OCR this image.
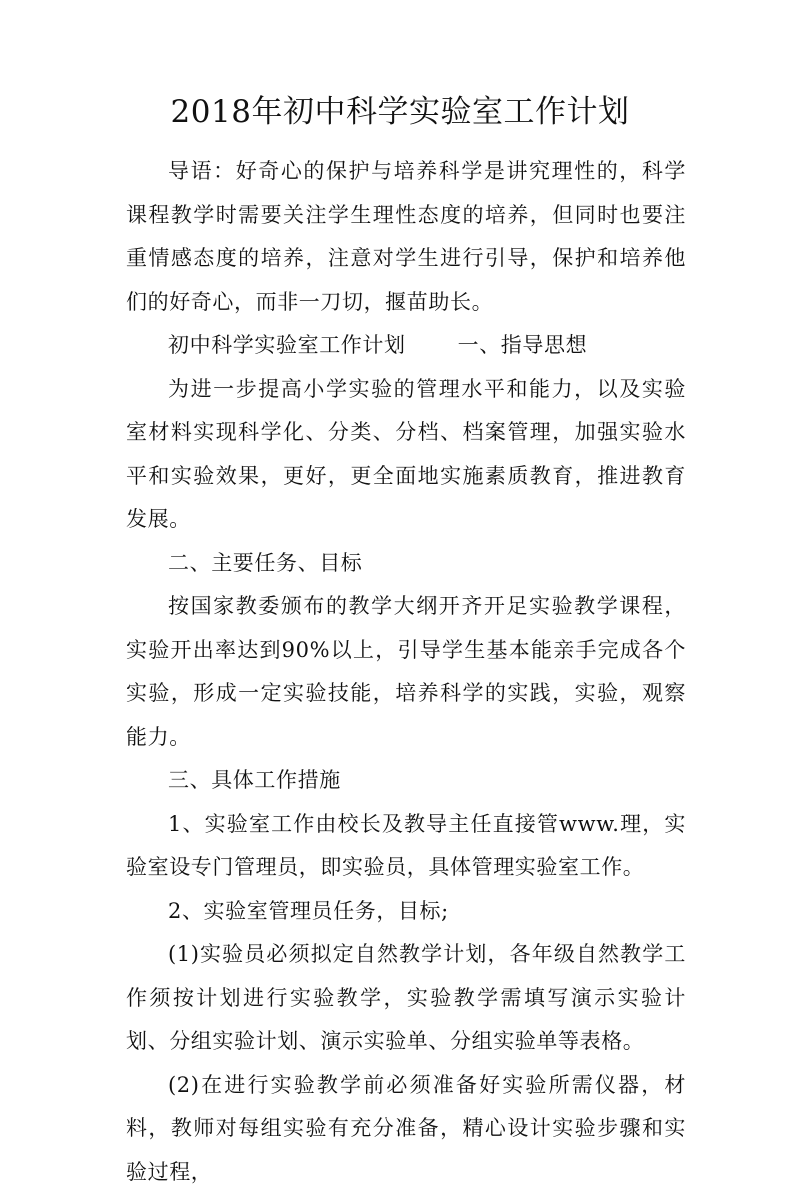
2018年初中科学实验室工作计划

导语：好奇心的保护与培养科学是讲究理性的，科学课程教学时需要关注学生理性态度的培养，但同时也要注重情感态度的培养，注意对学生进行引导，保护和培养他们的好奇心，而非一刀切，揠苗助长。

初中科学实验室工作计划 一、指导思想

为进一步提高小学实验的管理水平和能力，以及实验室材料实现科学化、分类、分档、档案管理，加强实验水平和实验效果，更好，更全面地实施素质教育，推进教育发展。

二、主要任务、目标

按国家教委颁布的教学大纲开齐开足实验教学课程，实验开出率达到90%以上，引导学生基本能亲手完成各个实验，形成一定实验技能，培养科学的实践，实验，观察能力。

三、具体工作措施

1、实验室工作由校长及教导主任直接管www.理，实验室设专门管理员，即实验员，具体管理实验室工作。

2、实验室管理员任务，目标;

(1)实验员必须拟定自然教学计划，各年级自然教学工作须按计划进行实验教学，实验教学需填写演示实验计划、分组实验计划、演示实验单、分组实验单等表格。

(2)在进行实验教学前必须准备好实验所需仪器，材料，教师对每组实验有充分准备，精心设计实验步骤和实验过程，
